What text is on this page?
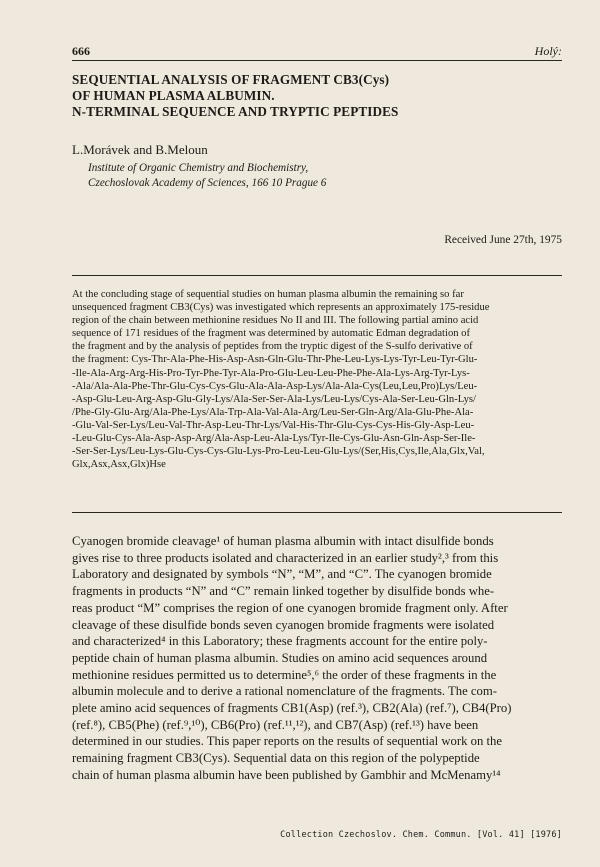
666	Holý:
SEQUENTIAL ANALYSIS OF FRAGMENT CB3(Cys)
OF HUMAN PLASMA ALBUMIN.
N-TERMINAL SEQUENCE AND TRYPTIC PEPTIDES
L.Morávek and B.Meloun
Institute of Organic Chemistry and Biochemistry,
Czechoslovak Academy of Sciences, 166 10 Prague 6
Received June 27th, 1975
At the concluding stage of sequential studies on human plasma albumin the remaining so far
unsequenced fragment CB3(Cys) was investigated which represents an approximately 175-residue
region of the chain between methionine residues No II and III. The following partial amino acid
sequence of 171 residues of the fragment was determined by automatic Edman degradation of
the fragment and by the analysis of peptides from the tryptic digest of the S-sulfo derivative of
the fragment: Cys-Thr-Ala-Phe-His-Asp-Asn-Gln-Glu-Thr-Phe-Leu-Lys-Lys-Tyr-Leu-Tyr-Glu-
-Ile-Ala-Arg-Arg-His-Pro-Tyr-Phe-Tyr-Ala-Pro-Glu-Leu-Leu-Phe-Phe-Ala-Lys-Arg-Tyr-Lys-
-Ala/Ala-Ala-Phe-Thr-Glu-Cys-Cys-Glu-Ala-Ala-Asp-Lys/Ala-Ala-Cys(Leu,Leu,Pro)Lys/Leu-
-Asp-Glu-Leu-Arg-Asp-Glu-Gly-Lys/Ala-Ser-Ser-Ala-Lys/Leu-Lys/Cys-Ala-Ser-Leu-Gln-Lys/
/Phe-Gly-Glu-Arg/Ala-Phe-Lys/Ala-Trp-Ala-Val-Ala-Arg/Leu-Ser-Gln-Arg/Ala-Glu-Phe-Ala-
-Glu-Val-Ser-Lys/Leu-Val-Thr-Asp-Leu-Thr-Lys/Val-His-Thr-Glu-Cys-Cys-His-Gly-Asp-Leu-
-Leu-Glu-Cys-Ala-Asp-Asp-Arg/Ala-Asp-Leu-Ala-Lys/Tyr-Ile-Cys-Glu-Asn-Gln-Asp-Ser-Ile-
-Ser-Ser-Lys/Leu-Lys-Glu-Cys-Cys-Glu-Lys-Pro-Leu-Leu-Glu-Lys/(Ser,His,Cys,Ile,Ala,Glx,Val,
Glx,Asx,Asx,Glx)Hse
Cyanogen bromide cleavage¹ of human plasma albumin with intact disulfide bonds
gives rise to three products isolated and characterized in an earlier study²,³ from this
Laboratory and designated by symbols “N”, “M”, and “C”. The cyanogen bromide
fragments in products “N” and “C” remain linked together by disulfide bonds whe-
reas product “M” comprises the region of one cyanogen bromide fragment only. After
cleavage of these disulfide bonds seven cyanogen bromide fragments were isolated
and characterized⁴ in this Laboratory; these fragments account for the entire poly-
peptide chain of human plasma albumin. Studies on amino acid sequences around
methionine residues permitted us to determine⁵,⁶ the order of these fragments in the
albumin molecule and to derive a rational nomenclature of the fragments. The com-
plete amino acid sequences of fragments CB1(Asp) (ref.³), CB2(Ala) (ref.⁷), CB4(Pro)
(ref.⁸), CB5(Phe) (ref.⁹,¹⁰), CB6(Pro) (ref.¹¹,¹²), and CB7(Asp) (ref.¹³) have been
determined in our studies. This paper reports on the results of sequential work on the
remaining fragment CB3(Cys). Sequential data on this region of the polypeptide
chain of human plasma albumin have been published by Gambhir and McMenamy¹⁴
Collection Czechoslov. Chem. Commun. [Vol. 41] [1976]
